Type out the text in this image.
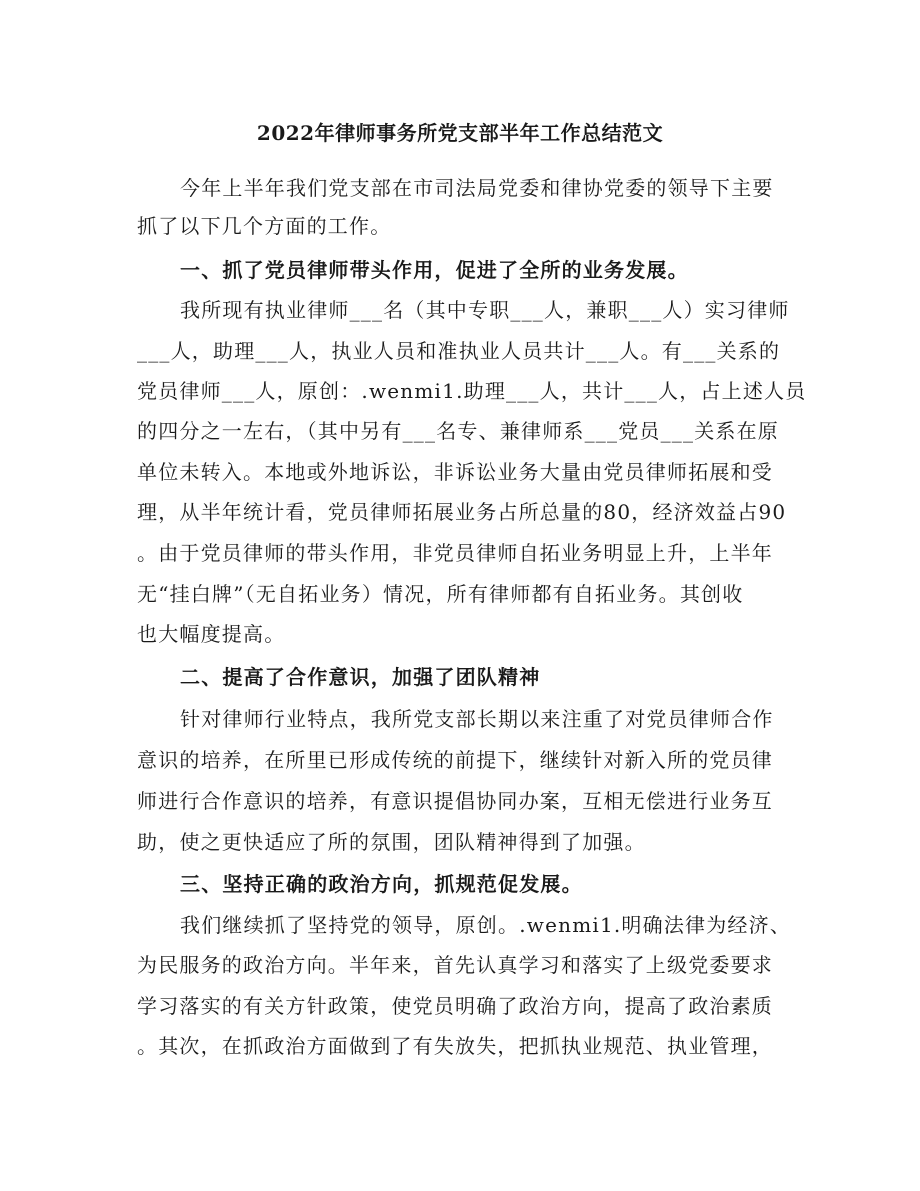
2022年律师事务所党支部半年工作总结范文
今年上半年我们党支部在市司法局党委和律协党委的领导下主要
抓了以下几个方面的工作。
一、抓了党员律师带头作用，促进了全所的业务发展。
我所现有执业律师___名（其中专职___人，兼职___人）实习律师
___人，助理___人，执业人员和准执业人员共计___人。有___关系的
党员律师___人，原创：.wenmi1.助理___人，共计___人，占上述人员
的四分之一左右，（其中另有___名专、兼律师系___党员___关系在原
单位未转入。本地或外地诉讼，非诉讼业务大量由党员律师拓展和受
理，从半年统计看，党员律师拓展业务占所总量的80，经济效益占90
。由于党员律师的带头作用，非党员律师自拓业务明显上升，上半年
无“挂白牌”（无自拓业务）情况，所有律师都有自拓业务。其创收
也大幅度提高。
二、提高了合作意识，加强了团队精神
针对律师行业特点，我所党支部长期以来注重了对党员律师合作
意识的培养，在所里已形成传统的前提下，继续针对新入所的党员律
师进行合作意识的培养，有意识提倡协同办案，互相无偿进行业务互
助，使之更快适应了所的氛围，团队精神得到了加强。
三、坚持正确的政治方向，抓规范促发展。
我们继续抓了坚持党的领导，原创。.wenmi1.明确法律为经济、
为民服务的政治方向。半年来，首先认真学习和落实了上级党委要求
学习落实的有关方针政策，使党员明确了政治方向，提高了政治素质
。其次，在抓政治方面做到了有失放失，把抓执业规范、执业管理，
